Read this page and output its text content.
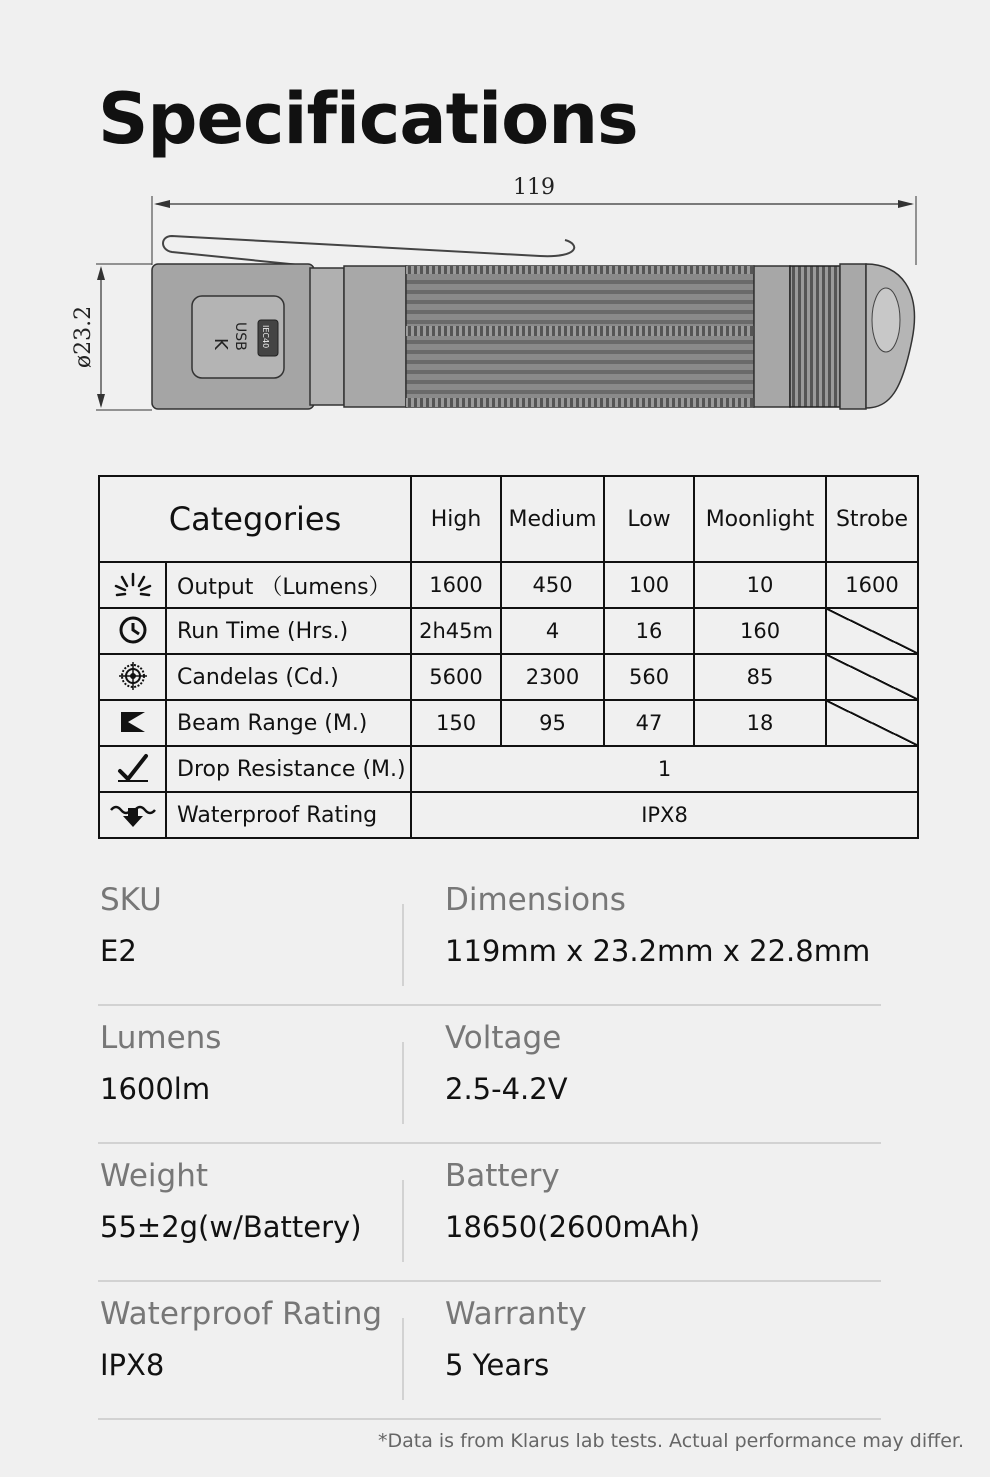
Specifications
119
ø23.2	K USB IEC40
Categories		High	Medium	Low	Moonlight	Strobe
	Output （Lumens）	1600	450	100	10	1600
	Run Time (Hrs.)	2h45m	4	16	160	
	Candelas (Cd.)	5600	2300	560	85	
	Beam Range (M.)	150	95	47	18	
	Drop Resistance (M.)	1				
	Waterproof Rating	IPX8				
SKU
E2
Dimensions
119mm x 23.2mm x 22.8mm
Lumens
1600lm
Voltage
2.5-4.2V
Weight
55±2g(w/Battery)
Battery
18650(2600mAh)
Waterproof Rating
IPX8
Warranty
5 Years
*Data is from Klarus lab tests. Actual performance may differ.
